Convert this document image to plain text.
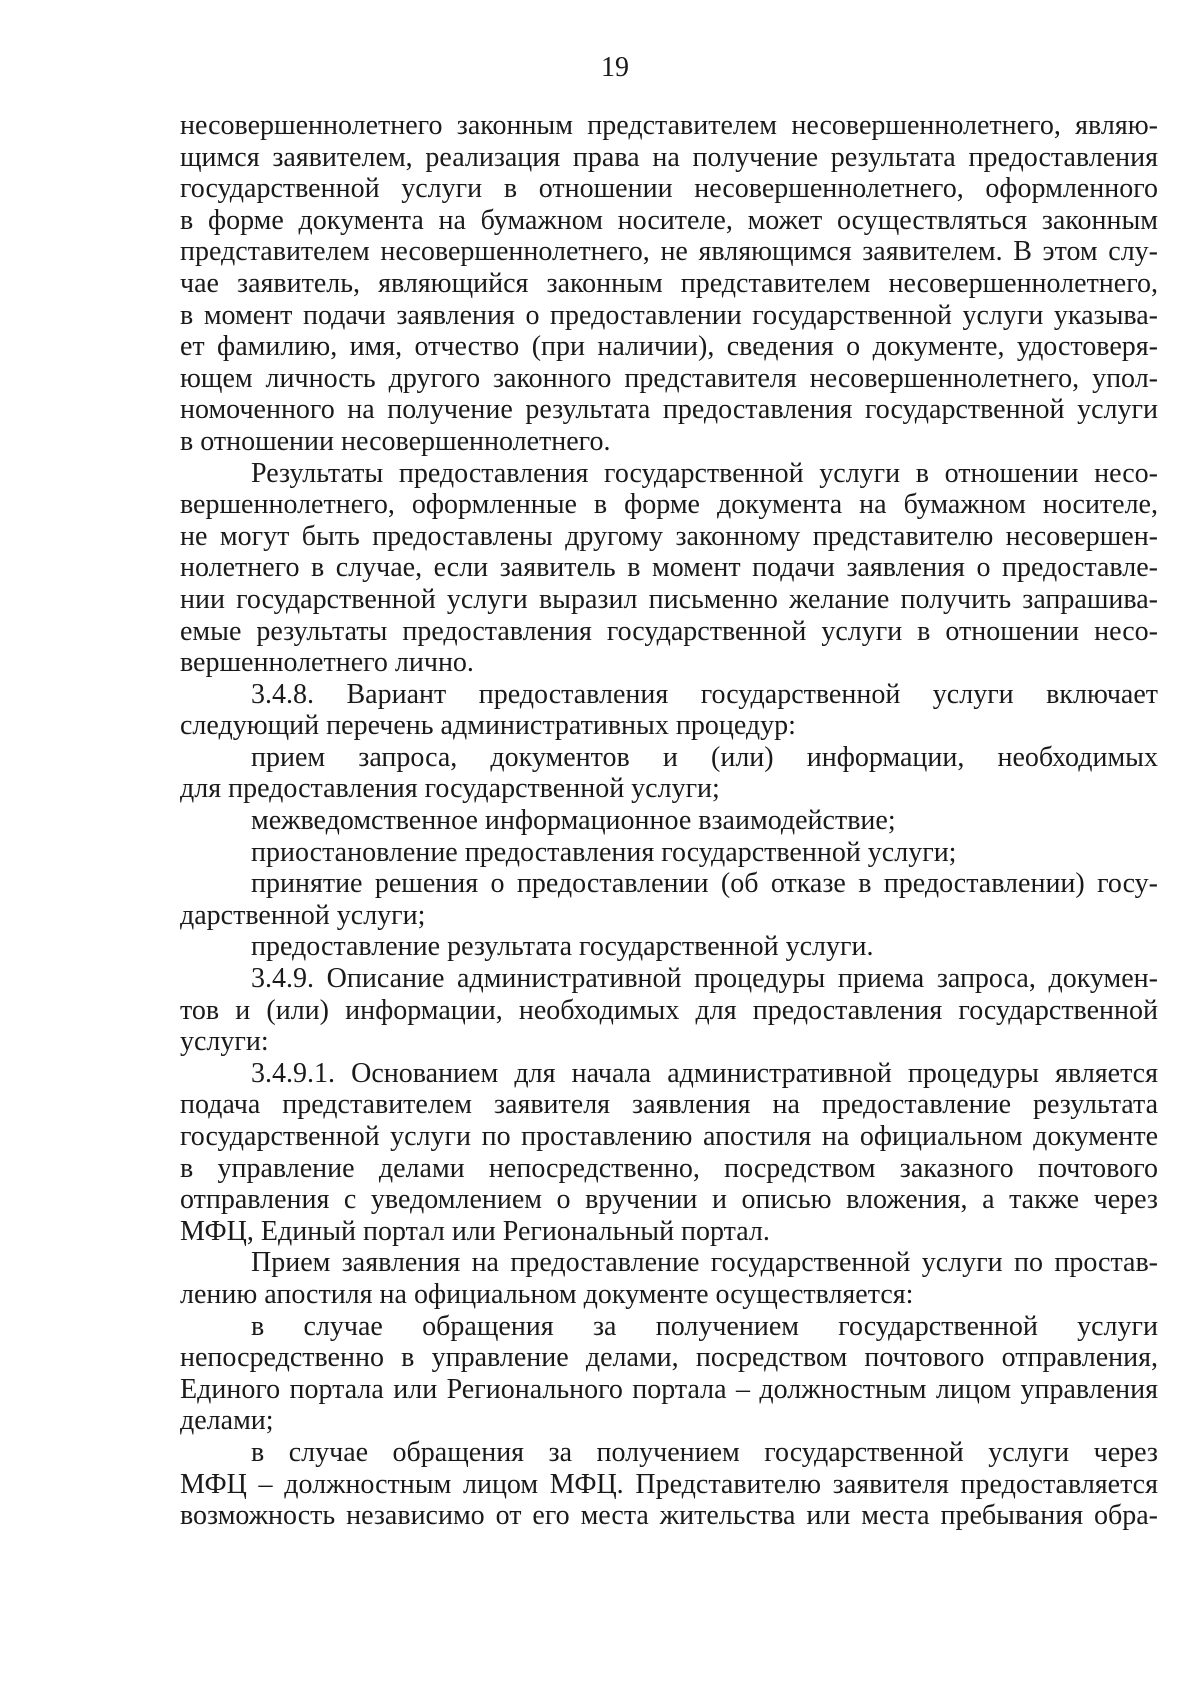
19
несовершеннолетнего законным представителем несовершеннолетнего, являю-
щимся заявителем, реализация права на получение результата предоставления
государственной услуги в отношении несовершеннолетнего, оформленного
в форме документа на бумажном носителе, может осуществляться законным
представителем несовершеннолетнего, не являющимся заявителем. В этом слу-
чае заявитель, являющийся законным представителем несовершеннолетнего,
в момент подачи заявления о предоставлении государственной услуги указыва-
ет фамилию, имя, отчество (при наличии), сведения о документе, удостоверя-
ющем личность другого законного представителя несовершеннолетнего, упол-
номоченного на получение результата предоставления государственной услуги
в отношении несовершеннолетнего.
Результаты предоставления государственной услуги в отношении несо-
вершеннолетнего, оформленные в форме документа на бумажном носителе,
не могут быть предоставлены другому законному представителю несовершен-
нолетнего в случае, если заявитель в момент подачи заявления о предоставле-
нии государственной услуги выразил письменно желание получить запрашива-
емые результаты предоставления государственной услуги в отношении несо-
вершеннолетнего лично.
3.4.8. Вариант предоставления государственной услуги включает
следующий перечень административных процедур:
прием запроса, документов и (или) информации, необходимых
для предоставления государственной услуги;
межведомственное информационное взаимодействие;
приостановление предоставления государственной услуги;
принятие решения о предоставлении (об отказе в предоставлении) госу-
дарственной услуги;
предоставление результата государственной услуги.
3.4.9. Описание административной процедуры приема запроса, докумен-
тов и (или) информации, необходимых для предоставления государственной
услуги:
3.4.9.1. Основанием для начала административной процедуры является
подача представителем заявителя заявления на предоставление результата
государственной услуги по проставлению апостиля на официальном документе
в управление делами непосредственно, посредством заказного почтового
отправления с уведомлением о вручении и описью вложения, а также через
МФЦ, Единый портал или Региональный портал.
Прием заявления на предоставление государственной услуги по простав-
лению апостиля на официальном документе осуществляется:
в случае обращения за получением государственной услуги
непосредственно в управление делами, посредством почтового отправления,
Единого портала или Регионального портала – должностным лицом управления
делами;
в случае обращения за получением государственной услуги через
МФЦ – должностным лицом МФЦ. Представителю заявителя предоставляется
возможность независимо от его места жительства или места пребывания обра-
